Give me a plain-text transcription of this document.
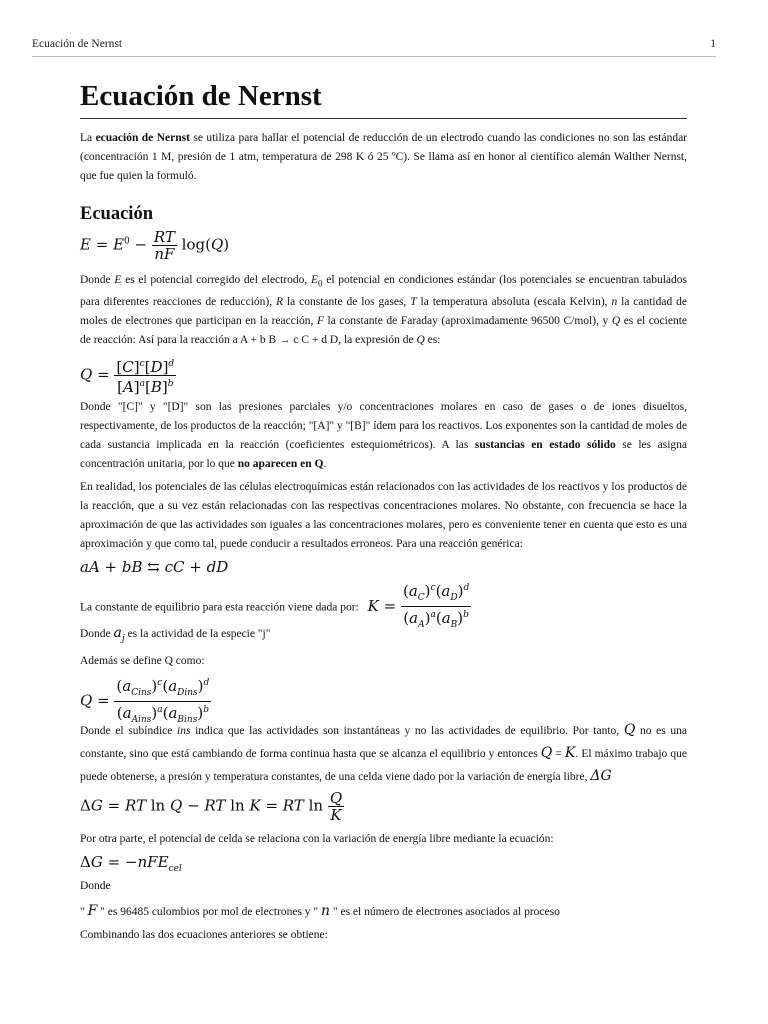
Ecuación de Nernst	1
Ecuación de Nernst

La ecuación de Nernst se utiliza para hallar el potencial de reducción de un electrodo cuando las condiciones no son las estándar (concentración 1 M, presión de 1 atm, temperatura de 298 K ó 25 ºC). Se llama así en honor al científico alemán Walther Nernst, que fue quien la formuló.

Ecuación
$E = E^0 - \frac{RT}{nF} \log(Q)$

Donde E es el potencial corregido del electrodo, $E_0$ el potencial en condiciones estándar (los potenciales se encuentran tabulados para diferentes reacciones de reducción), R la constante de los gases, T la temperatura absoluta (escala Kelvin), n la cantidad de moles de electrones que participan en la reacción, F la constante de Faraday (aproximadamente 96500 C/mol), y Q es el cociente de reacción: Así para la reacción a A + b B → c C + d D, la expresión de Q es:

$Q = \frac{[C]^c[D]^d}{[A]^a[B]^b}$

Donde "[C]" y "[D]" son las presiones parciales y/o concentraciones molares en caso de gases o de iones disueltos, respectivamente, de los productos de la reacción; "[A]" y "[B]" ídem para los reactivos. Los exponentes son la cantidad de moles de cada sustancia implicada en la reacción (coeficientes estequiométricos). A las sustancias en estado sólido se les asigna concentración unitaria, por lo que no aparecen en Q.

En realidad, los potenciales de las células electroquímicas están relacionados con las actividades de los reactivos y los productos de la reacción, que a su vez están relacionadas con las respectivas concentraciones molares. No obstante, con frecuencia se hace la aproximación de que las actividades son iguales a las concentraciones molares, pero es conveniente tener en cuenta que esto es una aproximación y que como tal, puede conducir a resultados erroneos. Para una reacción genérica:

aA + bB ⇆ cC + dD
La constante de equilibrio para esta reacción viene dada por: $K = \frac{(a_C)^c(a_D)^d}{(a_A)^a(a_B)^b}$

Donde $a_j$ es la actividad de la especie "j"

Además se define Q como:

$Q = \frac{(a_{Cins})^c(a_{Dins})^d}{(a_{Ains})^a(a_{Bins})^b}$

Donde el subíndice ins indica que las actividades son instantáneas y no las actividades de equilibrio. Por tanto, Q no es una constante, sino que está cambiando de forma continua hasta que se alcanza el equilibrio y entonces Q = K. El máximo trabajo que puede obtenerse, a presión y temperatura constantes, de una celda viene dado por la variación de energía libre, ΔG

ΔG = RT ln Q − RT ln K = RT $\ln \frac{Q}{K}$

Por otra parte, el potencial de celda se relaciona con la variación de energía libre mediante la ecuación:

ΔG = −nFE$_{cel}$

Donde

" F " es 96485 culombios por mol de electrones y " n " es el número de electrones asociados al proceso

Combinando las dos ecuaciones anteriores se obtiene:
